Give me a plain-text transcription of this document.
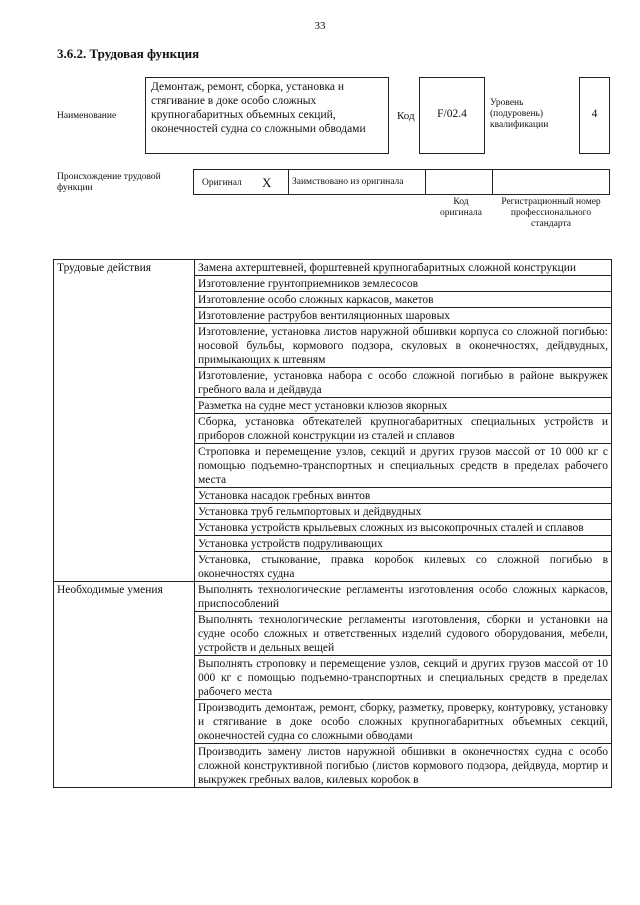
33
3.6.2. Трудовая функция
Наименование
Демонтаж, ремонт, сборка, установка и стягивание в доке особо сложных крупногабаритных объемных секций, оконечностей судна со сложными обводами
Код	F/02.4
Уровень (подуровень) квалификации
4
Происхождение трудовой функции	Оригинал X	Заимствовано из оригинала
Код оригинала
Регистрационный номер профессионального стандарта
Трудовые действия	Замена ахтерштевней, форштевней крупногабаритных сложной конструкции
	Изготовление грунтоприемников землесосов
	Изготовление особо сложных каркасов, макетов
	Изготовление раструбов вентиляционных шаровых
	Изготовление, установка листов наружной обшивки корпуса со сложной погибью: носовой бульбы, кормового подзора, скуловых в оконечностях, дейдвудных, примыкающих к штевням
	Изготовление, установка набора с особо сложной погибью в районе выкружек гребного вала и дейдвуда
	Разметка на судне мест установки клюзов якорных
	Сборка, установка обтекателей крупногабаритных специальных устройств и приборов сложной конструкции из сталей и сплавов
	Строповка и перемещение узлов, секций и других грузов массой от 10 000 кг с помощью подъемно-транспортных и специальных средств в пределах рабочего места
	Установка насадок гребных винтов
	Установка труб гельмпортовых и дейдвудных
	Установка устройств крыльевых сложных из высокопрочных сталей и сплавов
	Установка устройств подруливающих
	Установка, стыкование, правка коробок килевых со сложной погибью в оконечностях судна
Необходимые умения	Выполнять технологические регламенты изготовления особо сложных каркасов, приспособлений
	Выполнять технологические регламенты изготовления, сборки и установки на судне особо сложных и ответственных изделий судового оборудования, мебели, устройств и дельных вещей
	Выполнять строповку и перемещение узлов, секций и других грузов массой от 10 000 кг с помощью подъемно-транспортных и специальных средств в пределах рабочего места
	Производить демонтаж, ремонт, сборку, разметку, проверку, контуровку, установку и стягивание в доке особо сложных крупногабаритных объемных секций, оконечностей судна со сложными обводами
	Производить замену листов наружной обшивки в оконечностях судна с особо сложной конструктивной погибью (листов кормового подзора, дейдвуда, мортир и выкружек гребных валов, килевых коробок в
